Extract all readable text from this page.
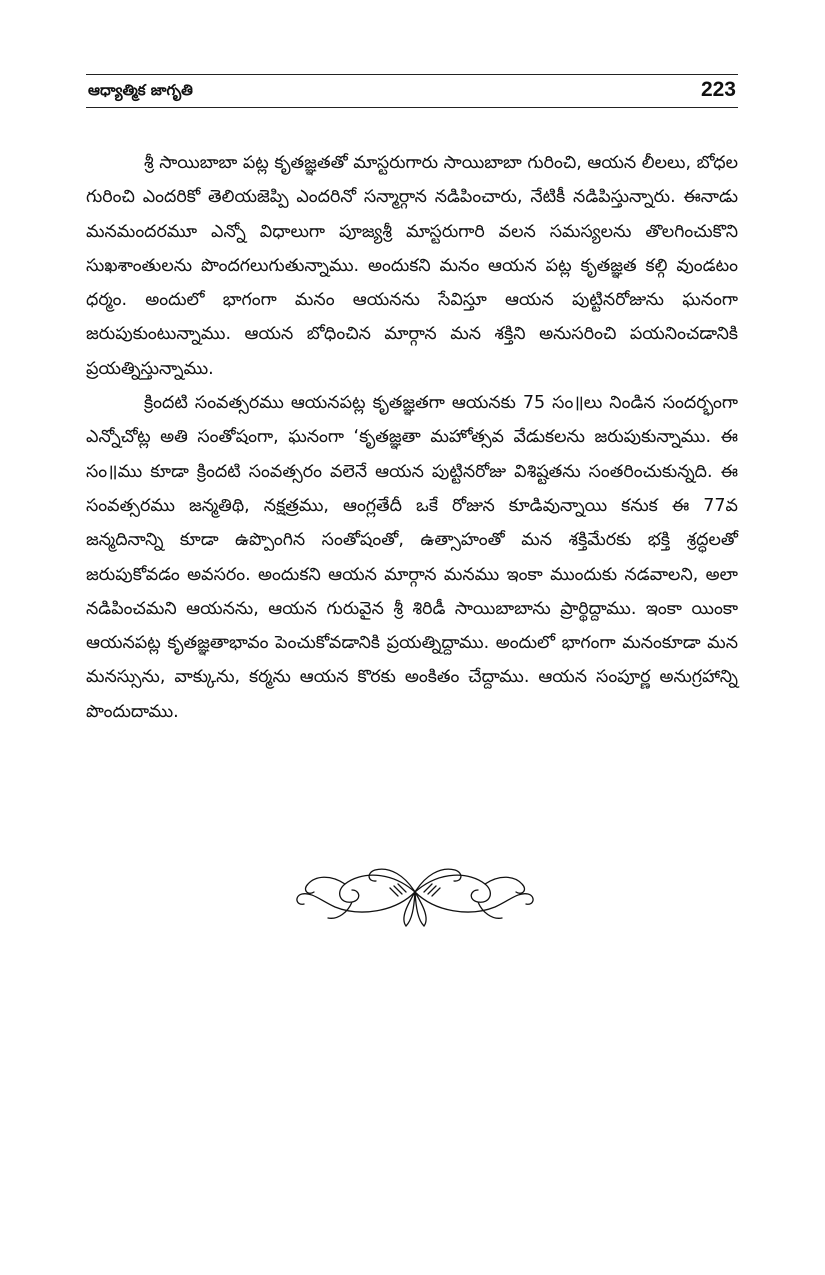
ఆధ్యాత్మిక జాగృతి	223

శ్రీ సాయిబాబా పట్ల కృతజ్ఞతతో మాస్టరుగారు సాయిబాబా గురించి, ఆయన లీలలు, బోధల గురించి ఎందరికో తెలియజెప్పి ఎందరినో సన్మార్గాన నడిపించారు, నేటికీ నడిపిస్తున్నారు. ఈనాడు మనమందరమూ ఎన్నో విధాలుగా పూజ్యశ్రీ మాస్టరుగారి వలన సమస్యలను తొలగించుకొని సుఖశాంతులను పొందగలుగుతున్నాము. అందుకని మనం ఆయన పట్ల కృతజ్ఞత కల్గి వుండటం ధర్మం. అందులో భాగంగా మనం ఆయనను సేవిస్తూ ఆయన పుట్టినరోజును ఘనంగా జరుపుకుంటున్నాము. ఆయన బోధించిన మార్గాన మన శక్తిని అనుసరించి పయనించడానికి ప్రయత్నిస్తున్నాము.

క్రిందటి సంవత్సరము ఆయనపట్ల కృతజ్ఞతగా ఆయనకు 75 సం॥లు నిండిన సందర్భంగా ఎన్నోచోట్ల అతి సంతోషంగా, ఘనంగా ‘కృతజ్ఞతా మహోత్సవ వేడుకలను జరుపుకున్నాము. ఈ సం॥ము కూడా క్రిందటి సంవత్సరం వలెనే ఆయన పుట్టినరోజు విశిష్టతను సంతరించుకున్నది. ఈ సంవత్సరము జన్మతిథి, నక్షత్రము, ఆంగ్లతేదీ ఒకే రోజున కూడివున్నాయి కనుక ఈ 77వ జన్మదినాన్ని కూడా ఉప్పొంగిన సంతోషంతో, ఉత్సాహంతో మన శక్తిమేరకు భక్తి శ్రద్ధలతో జరుపుకోవడం అవసరం. అందుకని ఆయన మార్గాన మనము ఇంకా ముందుకు నడవాలని, అలా నడిపించమని ఆయనను, ఆయన గురువైన శ్రీ శిరిడీ సాయిబాబాను ప్రార్థిద్దాము. ఇంకా యింకా ఆయనపట్ల కృతజ్ఞతాభావం పెంచుకోవడానికి ప్రయత్నిద్దాము. అందులో భాగంగా మనంకూడా మన మనస్సును, వాక్కును, కర్మను ఆయన కొరకు అంకితం చేద్దాము. ఆయన సంపూర్ణ అనుగ్రహాన్ని పొందుదాము.
